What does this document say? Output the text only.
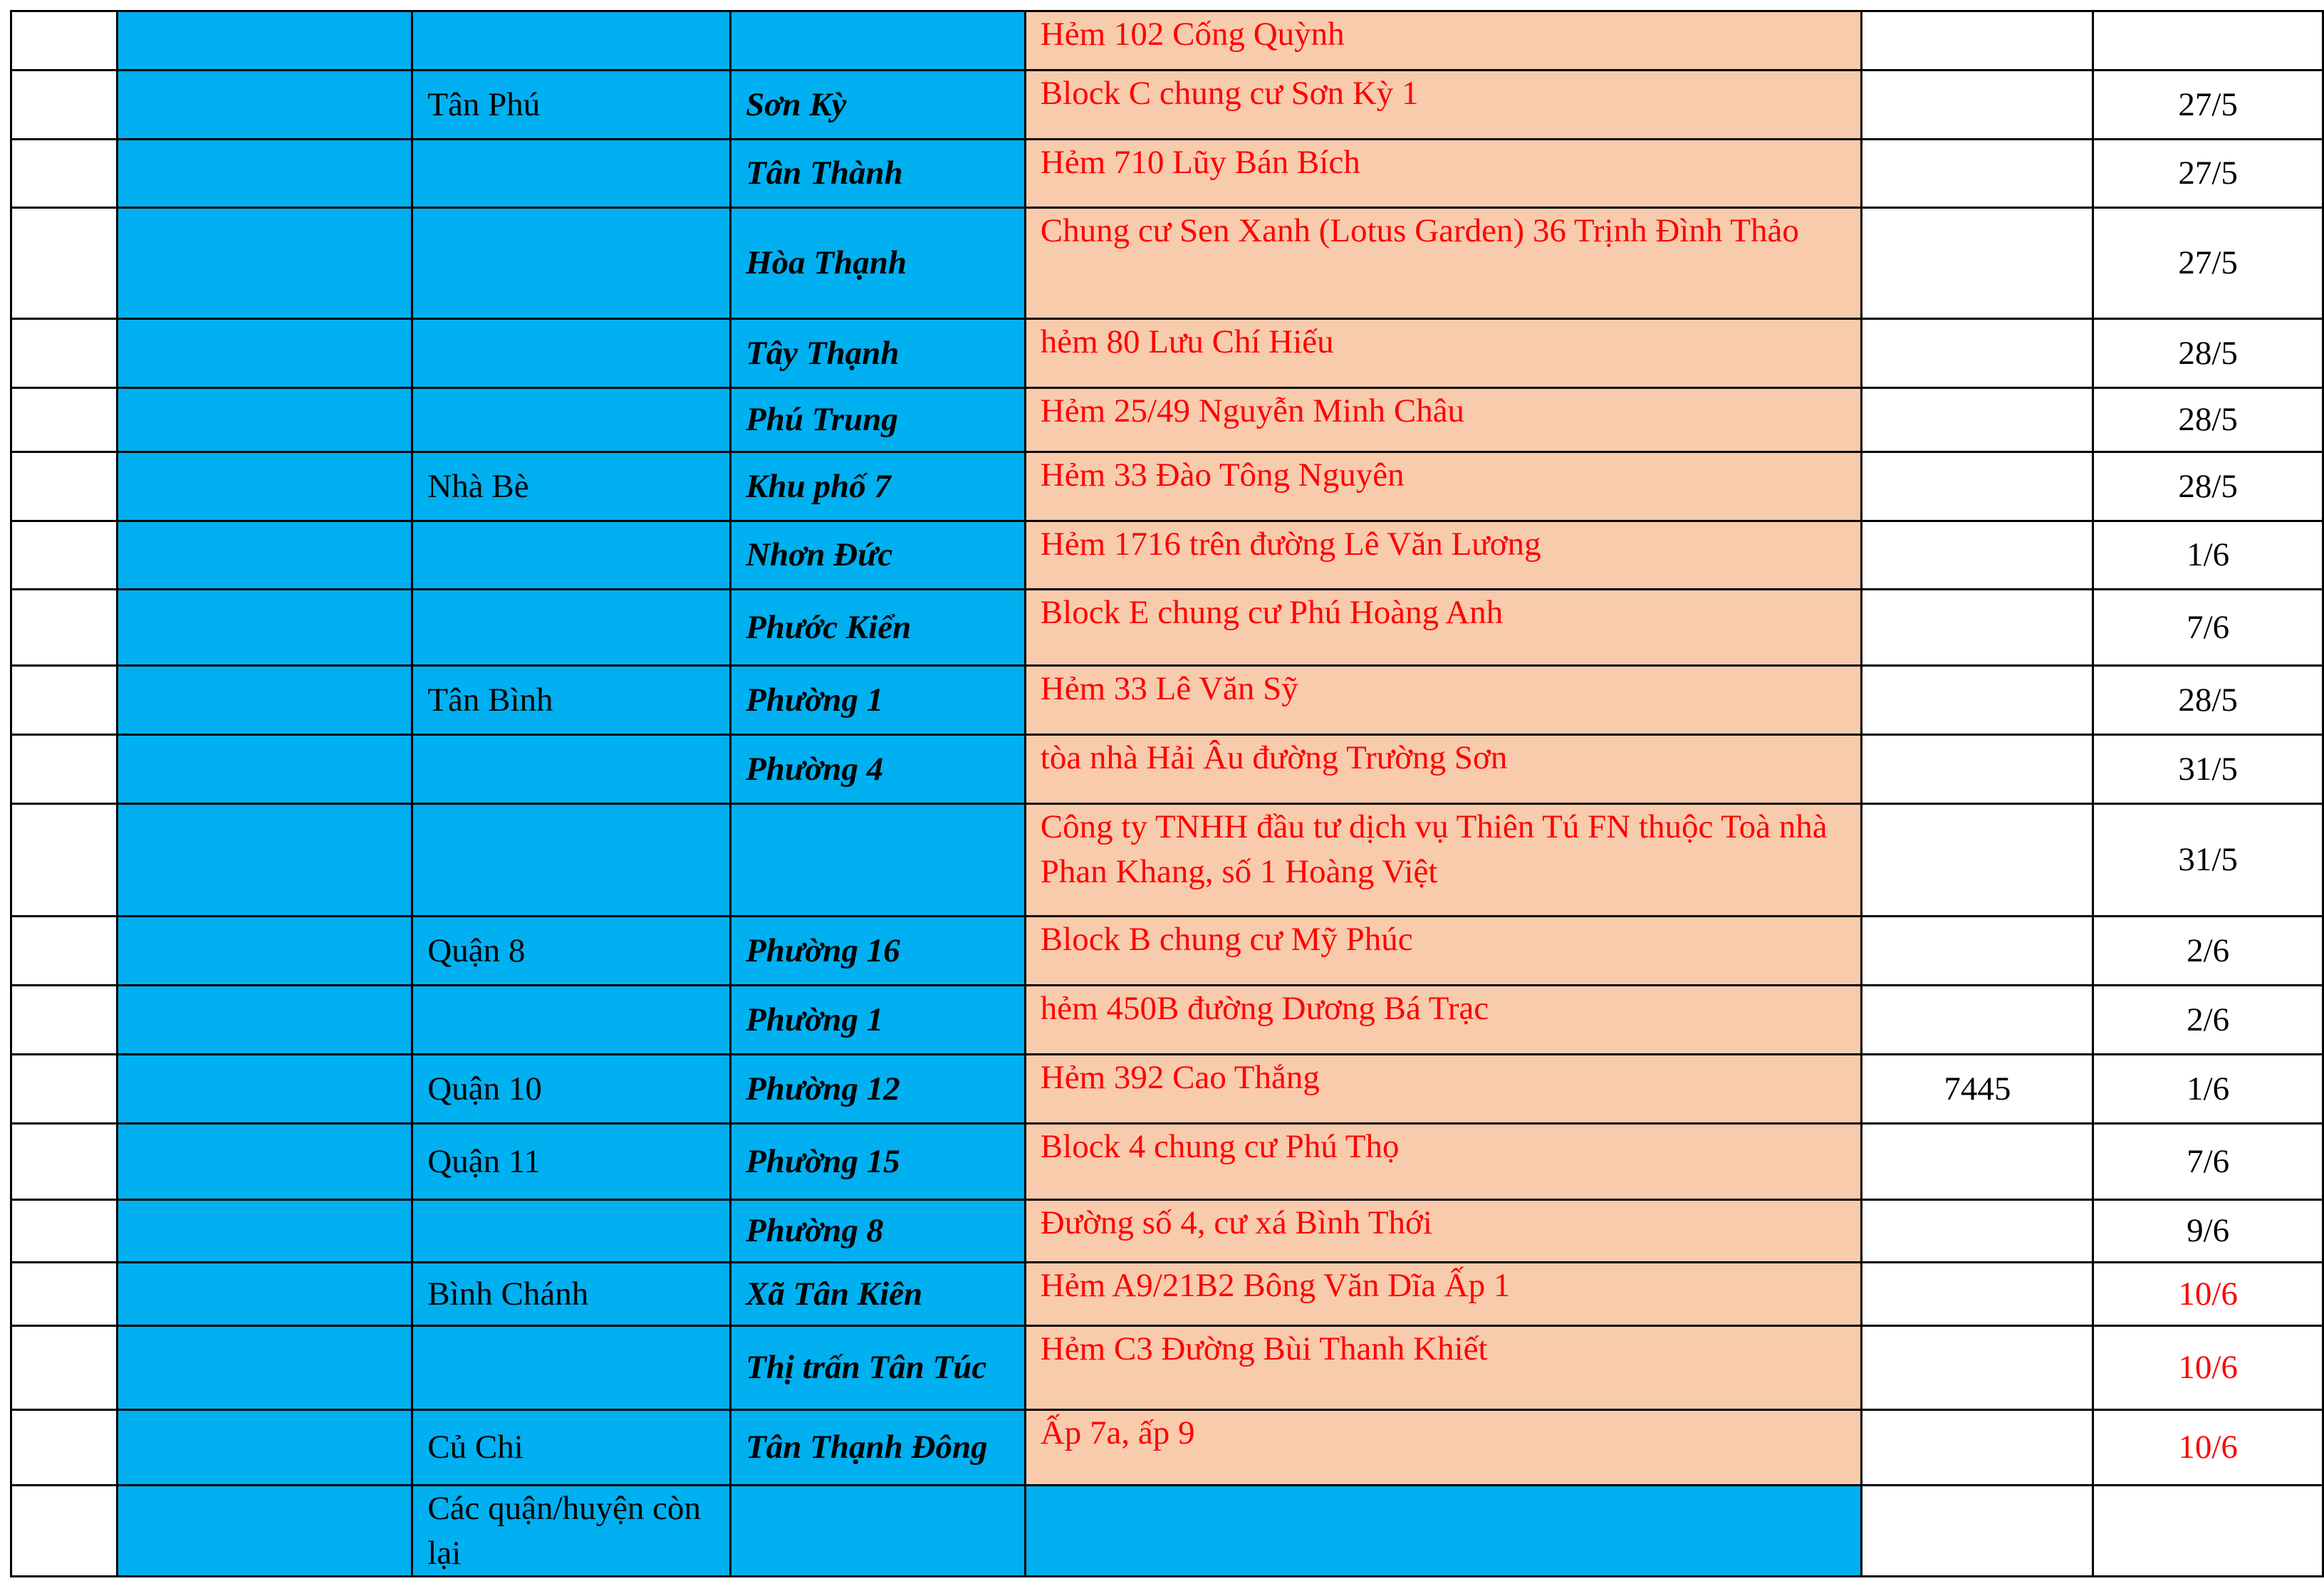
				Hẻm 102 Cống Quỳnh		
		Tân Phú	Sơn Kỳ	Block C chung cư Sơn Kỳ 1		27/5
			Tân Thành	Hẻm 710 Lũy Bán Bích		27/5
			Hòa Thạnh	Chung cư Sen Xanh (Lotus Garden) 36 Trịnh Đình Thảo		27/5
			Tây Thạnh	hẻm 80 Lưu Chí Hiếu		28/5
			Phú Trung	Hẻm 25/49 Nguyễn Minh Châu		28/5
		Nhà Bè	Khu phố 7	Hẻm 33 Đào Tông Nguyên		28/5
			Nhơn Đức	Hẻm 1716 trên đường Lê Văn Lương		1/6
			Phước Kiển	Block E chung cư Phú Hoàng Anh		7/6
		Tân Bình	Phường 1	Hẻm 33 Lê Văn Sỹ		28/5
			Phường 4	tòa nhà Hải Âu đường Trường Sơn		31/5
				Công ty TNHH đầu tư dịch vụ Thiên Tú FN thuộc Toà nhà Phan Khang, số 1 Hoàng Việt		31/5
		Quận 8	Phường 16	Block B chung cư Mỹ Phúc		2/6
			Phường 1	hẻm 450B đường Dương Bá Trạc		2/6
		Quận 10	Phường 12	Hẻm 392 Cao Thắng	7445	1/6
		Quận 11	Phường 15	Block 4 chung cư Phú Thọ		7/6
			Phường 8	Đường số 4, cư xá Bình Thới		9/6
		Bình Chánh	Xã Tân Kiên	Hẻm A9/21B2 Bông Văn Dĩa Ấp 1		10/6
			Thị trấn Tân Túc	Hẻm C3 Đường Bùi Thanh Khiết		10/6
		Củ Chi	Tân Thạnh Đông	Ấp 7a, ấp 9		10/6
		Các quận/huyện còn lại				
